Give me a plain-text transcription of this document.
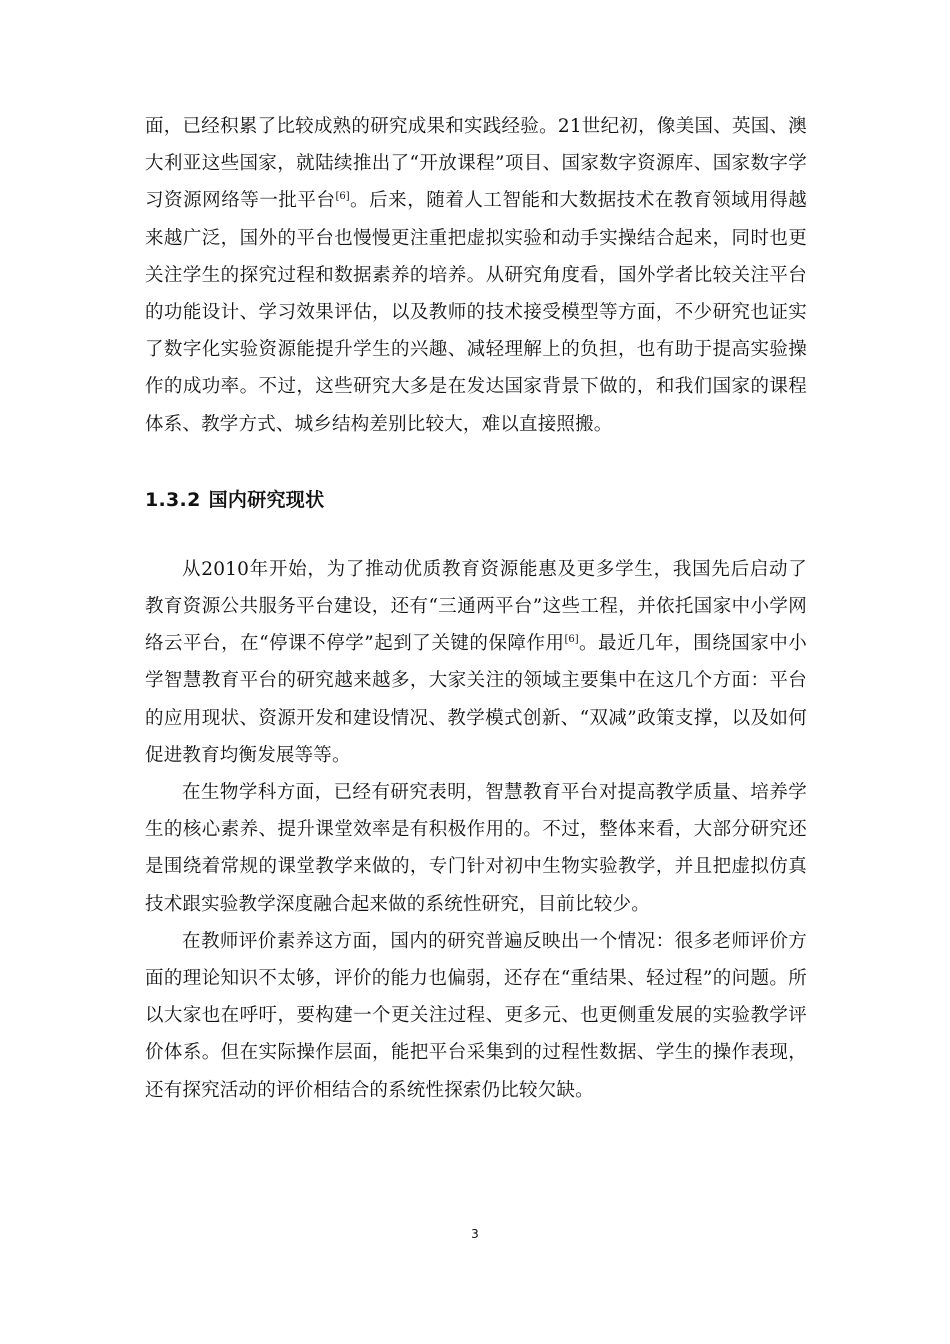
面，已经积累了比较成熟的研究成果和实践经验。21世纪初，像美国、英国、澳大利亚这些国家，就陆续推出了“开放课程”项目、国家数字资源库、国家数字学习资源网络等一批平台[6]。后来，随着人工智能和大数据技术在教育领域用得越来越广泛，国外的平台也慢慢更注重把虚拟实验和动手实操结合起来，同时也更关注学生的探究过程和数据素养的培养。从研究角度看，国外学者比较关注平台的功能设计、学习效果评估，以及教师的技术接受模型等方面，不少研究也证实了数字化实验资源能提升学生的兴趣、减轻理解上的负担，也有助于提高实验操作的成功率。不过，这些研究大多是在发达国家背景下做的，和我们国家的课程体系、教学方式、城乡结构差别比较大，难以直接照搬。

1.3.2 国内研究现状

从2010年开始，为了推动优质教育资源能惠及更多学生，我国先后启动了教育资源公共服务平台建设，还有“三通两平台”这些工程，并依托国家中小学网络云平台，在“停课不停学”起到了关键的保障作用[6]。最近几年，围绕国家中小学智慧教育平台的研究越来越多，大家关注的领域主要集中在这几个方面：平台的应用现状、资源开发和建设情况、教学模式创新、“双减”政策支撑，以及如何促进教育均衡发展等等。

在生物学科方面，已经有研究表明，智慧教育平台对提高教学质量、培养学生的核心素养、提升课堂效率是有积极作用的。不过，整体来看，大部分研究还是围绕着常规的课堂教学来做的，专门针对初中生物实验教学，并且把虚拟仿真技术跟实验教学深度融合起来做的系统性研究，目前比较少。

在教师评价素养这方面，国内的研究普遍反映出一个情况：很多老师评价方面的理论知识不太够，评价的能力也偏弱，还存在“重结果、轻过程”的问题。所以大家也在呼吁，要构建一个更关注过程、更多元、也更侧重发展的实验教学评价体系。但在实际操作层面，能把平台采集到的过程性数据、学生的操作表现，还有探究活动的评价相结合的系统性探索仍比较欠缺。

3
